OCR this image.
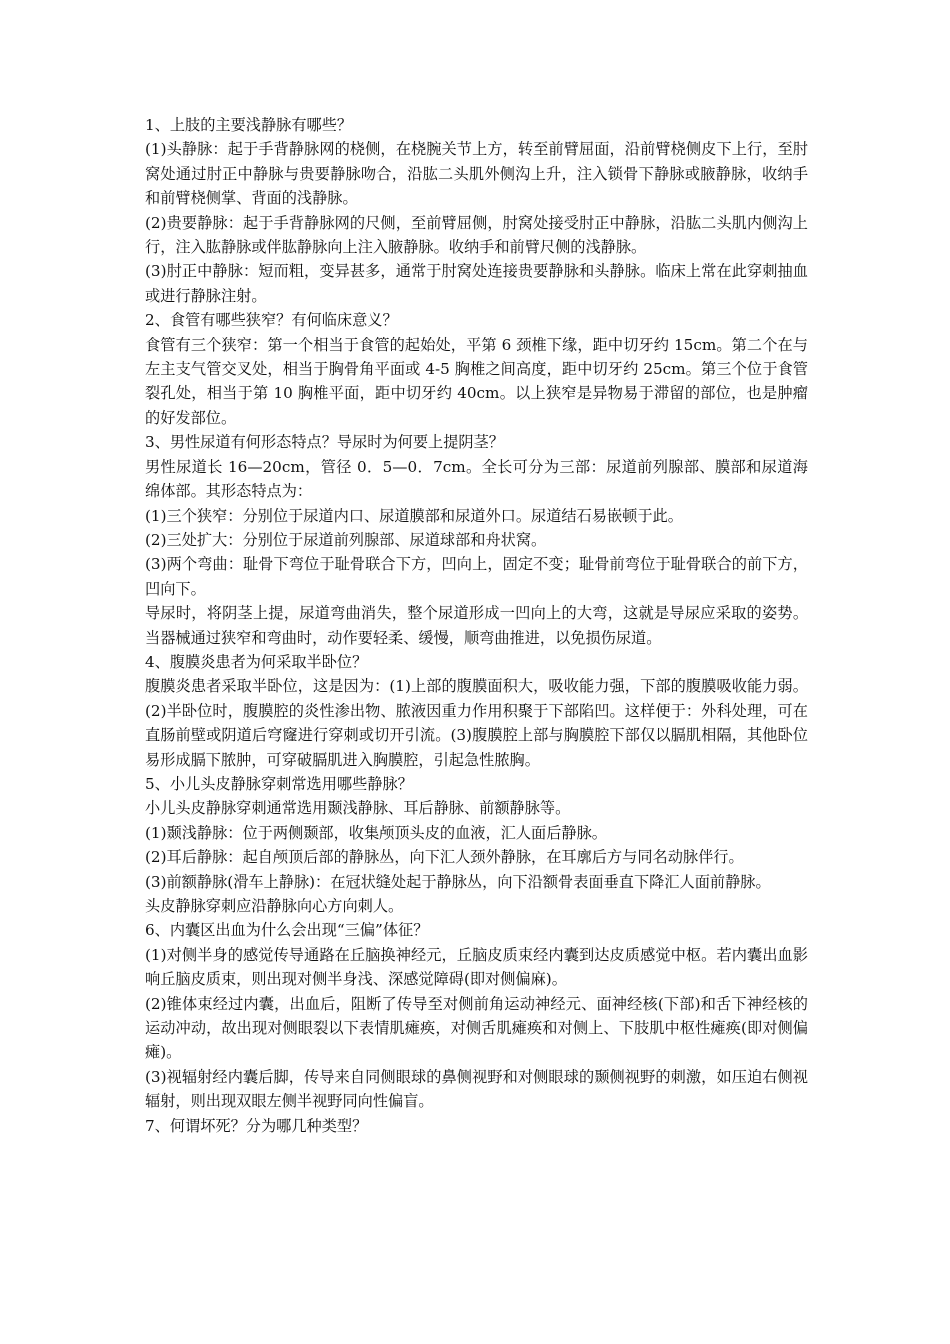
1、上肢的主要浅静脉有哪些？

(1)头静脉：起于手背静脉网的桡侧，在桡腕关节上方，转至前臂屈面，沿前臂桡侧皮下上行，至肘窝处通过肘正中静脉与贵要静脉吻合，沿肱二头肌外侧沟上升，注入锁骨下静脉或腋静脉，收纳手和前臂桡侧掌、背面的浅静脉。

(2)贵要静脉：起于手背静脉网的尺侧，至前臂屈侧，肘窝处接受肘正中静脉，沿肱二头肌内侧沟上行，注入肱静脉或伴肱静脉向上注入腋静脉。收纳手和前臂尺侧的浅静脉。

(3)肘正中静脉：短而粗，变异甚多，通常于肘窝处连接贵要静脉和头静脉。临床上常在此穿刺抽血或进行静脉注射。

2、食管有哪些狭窄？有何临床意义？

食管有三个狭窄：第一个相当于食管的起始处，平第 6 颈椎下缘，距中切牙约 15cm。第二个在与左主支气管交叉处，相当于胸骨角平面或 4-5 胸椎之间高度，距中切牙约 25cm。第三个位于食管裂孔处，相当于第 10 胸椎平面，距中切牙约 40cm。以上狭窄是异物易于滞留的部位，也是肿瘤的好发部位。

3、男性尿道有何形态特点？导尿时为何要上提阴茎？

男性尿道长 16—20cm，管径 0．5—0．7cm。全长可分为三部：尿道前列腺部、膜部和尿道海绵体部。其形态特点为：

(1)三个狭窄：分别位于尿道内口、尿道膜部和尿道外口。尿道结石易嵌顿于此。

(2)三处扩大：分别位于尿道前列腺部、尿道球部和舟状窝。

(3)两个弯曲：耻骨下弯位于耻骨联合下方，凹向上，固定不变；耻骨前弯位于耻骨联合的前下方，凹向下。

导尿时，将阴茎上提，尿道弯曲消失，整个尿道形成一凹向上的大弯，这就是导尿应采取的姿势。当器械通过狭窄和弯曲时，动作要轻柔、缓慢，顺弯曲推进，以免损伤尿道。

4、腹膜炎患者为何采取半卧位？

腹膜炎患者采取半卧位，这是因为：(1)上部的腹膜面积大，吸收能力强，下部的腹膜吸收能力弱。(2)半卧位时，腹膜腔的炎性渗出物、脓液因重力作用积聚于下部陷凹。这样便于：外科处理，可在直肠前壁或阴道后穹窿进行穿刺或切开引流。(3)腹膜腔上部与胸膜腔下部仅以膈肌相隔，其他卧位易形成膈下脓肿，可穿破膈肌进入胸膜腔，引起急性脓胸。

5、小儿头皮静脉穿刺常选用哪些静脉？

小儿头皮静脉穿刺通常选用颞浅静脉、耳后静脉、前额静脉等。

(1)颞浅静脉：位于两侧颞部，收集颅顶头皮的血液，汇人面后静脉。

(2)耳后静脉：起自颅顶后部的静脉丛，向下汇人颈外静脉，在耳廓后方与同名动脉伴行。

(3)前额静脉(滑车上静脉)：在冠状缝处起于静脉丛，向下沿额骨表面垂直下降汇人面前静脉。

头皮静脉穿刺应沿静脉向心方向刺人。

6、内囊区出血为什么会出现“三偏”体征？

(1)对侧半身的感觉传导通路在丘脑换神经元，丘脑皮质束经内囊到达皮质感觉中枢。若内囊出血影响丘脑皮质束，则出现对侧半身浅、深感觉障碍(即对侧偏麻)。

(2)锥体束经过内囊，出血后，阻断了传导至对侧前角运动神经元、面神经核(下部)和舌下神经核的运动冲动，故出现对侧眼裂以下表情肌瘫痪，对侧舌肌瘫痪和对侧上、下肢肌中枢性瘫痪(即对侧偏瘫)。

(3)视辐射经内囊后脚，传导来自同侧眼球的鼻侧视野和对侧眼球的颞侧视野的刺激，如压迫右侧视辐射，则出现双眼左侧半视野同向性偏盲。

7、何谓坏死？分为哪几种类型？
